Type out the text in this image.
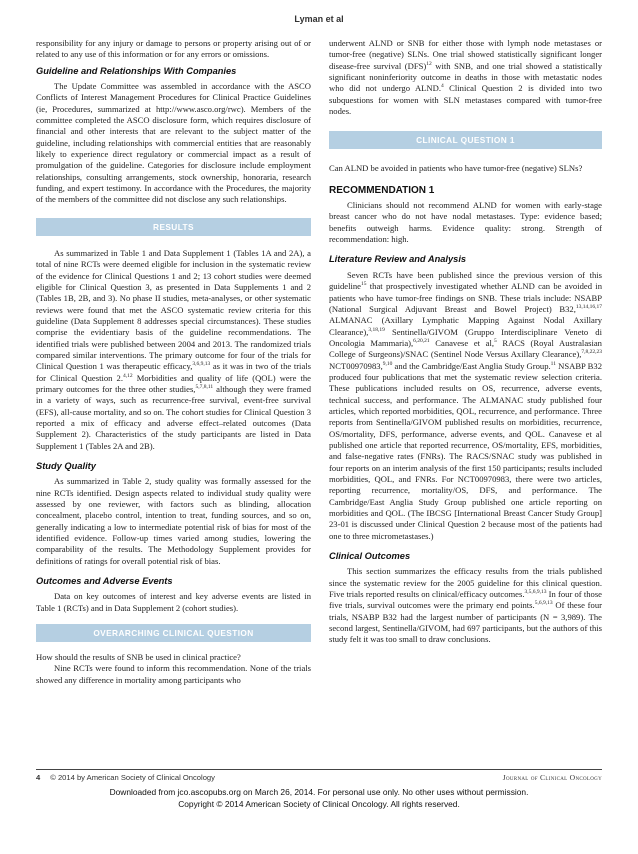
Lyman et al

responsibility for any injury or damage to persons or property arising out of or related to any use of this information or for any errors or omissions.

Guideline and Relationships With Companies

The Update Committee was assembled in accordance with the ASCO Conflicts of Interest Management Procedures for Clinical Practice Guidelines (ie, Procedures, summarized at http://www.asco.org/rwc). Members of the committee completed the ASCO disclosure form, which requires disclosure of financial and other interests that are relevant to the subject matter of the guideline, including relationships with commercial entities that are reasonably likely to experience direct regulatory or commercial impact as a result of promulgation of the guideline. Categories for disclosure include employment relationships, consulting arrangements, stock ownership, honoraria, research funding, and expert testimony. In accordance with the Procedures, the majority of the members of the committee did not disclose any such relationships.

RESULTS

As summarized in Table 1 and Data Supplement 1 (Tables 1A and 2A), a total of nine RCTs were deemed eligible for inclusion in the systematic review of the evidence for Clinical Questions 1 and 2; 13 cohort studies were deemed eligible for Clinical Question 3, as presented in Data Supplements 1 and 2 (Tables 1B, 2B, and 3). No phase II studies, meta-analyses, or other systematic reviews were found that met the ASCO systematic review criteria for this guideline (Data Supplement 8 addresses special circumstances). These studies comprise the evidentiary basis of the guideline recommendations. The identified trials were published between 2004 and 2013. The randomized trials compared similar interventions. The primary outcome for four of the trials for Clinical Question 1 was therapeutic efficacy,$^{3,6,9,13}$ as it was in two of the trials for Clinical Question 2.$^{4,12}$ Morbidities and quality of life (QOL) were the primary outcomes for the three other studies,$^{5,7,8,11}$ although they were framed in a variety of ways, such as recurrence-free survival, event-free survival (EFS), all-cause mortality, and so on. The cohort studies for Clinical Question 3 reported a mix of efficacy and adverse effect–related outcomes (Data Supplement 2). Characteristics of the study participants are listed in Data Supplement 1 (Tables 2A and 2B).

Study Quality

As summarized in Table 2, study quality was formally assessed for the nine RCTs identified. Design aspects related to individual study quality were assessed by one reviewer, with factors such as blinding, allocation concealment, placebo control, intention to treat, funding sources, and so on, generally indicating a low to intermediate potential risk of bias for most of the identified evidence. Follow-up times varied among studies, lowering the comparability of the results. The Methodology Supplement provides for definitions of ratings for overall potential risk of bias.

Outcomes and Adverse Events

Data on key outcomes of interest and key adverse events are listed in Table 1 (RCTs) and in Data Supplement 2 (cohort studies).

OVERARCHING CLINICAL QUESTION

How should the results of SNB be used in clinical practice?

Nine RCTs were found to inform this recommendation. None of the trials showed any difference in mortality among participants who

underwent ALND or SNB for either those with lymph node metastases or tumor-free (negative) SLNs. One trial showed statistically significant longer disease-free survival (DFS)$^{12}$ with SNB, and one trial showed a statistically significant noninferiority outcome in deaths in those with metastatic nodes who did not undergo ALND.$^4$ Clinical Question 2 is divided into two subquestions for women with SLN metastases compared with tumor-free nodes.

CLINICAL QUESTION 1

Can ALND be avoided in patients who have tumor-free (negative) SLNs?

RECOMMENDATION 1

Clinicians should not recommend ALND for women with early-stage breast cancer who do not have nodal metastases. Type: evidence based; benefits outweigh harms. Evidence quality: strong. Strength of recommendation: high.

Literature Review and Analysis

Seven RCTs have been published since the previous version of this guideline$^{15}$ that prospectively investigated whether ALND can be avoided in patients who have tumor-free findings on SNB. These trials include: NSABP (National Surgical Adjuvant Breast and Bowel Project) B32,$^{13,14,16,17}$ ALMANAC (Axillary Lymphatic Mapping Against Nodal Axillary Clearance),$^{3,18,19}$ Sentinella/GIVOM (Gruppo Interdisciplinare Veneto di Oncologia Mammaria),$^{6,20,21}$ Canavese et al,$^5$ RACS (Royal Australasian College of Surgeons)/SNAC (Sentinel Node Versus Axillary Clearance),$^{7,8,22,23}$ NCT00970983,$^{9,10}$ and the Cambridge/East Anglia Study Group.$^{11}$ NSABP B32 produced four publications that met the systematic review selection criteria. These publications included results on OS, recurrence, adverse events, technical success, and performance. The ALMANAC study published four articles, which reported morbidities, QOL, recurrence, and performance. Three reports from Sentinella/GIVOM published results on morbidities, recurrence, OS/mortality, DFS, performance, adverse events, and QOL. Canavese et al published one article that reported recurrence, OS/mortality, EFS, morbidities, and false-negative rates (FNRs). The RACS/SNAC study was published in four reports on an interim analysis of the first 150 participants; results included morbidities, QOL, and FNRs. For NCT00970983, there were two articles, reporting recurrence, mortality/OS, DFS, and performance. The Cambridge/East Anglia Study Group published one article reporting on morbidities and QOL. (The IBCSG [International Breast Cancer Study Group] 23-01 is discussed under Clinical Question 2 because most of the patients had one to three micrometastases.)

Clinical Outcomes

This section summarizes the efficacy results from the trials published since the systematic review for the 2005 guideline for this clinical question. Five trials reported results on clinical/efficacy outcomes.$^{3,5,6,9,13}$ In four of those five trials, survival outcomes were the primary end points.$^{5,6,9,13}$ Of these four trials, NSABP B32 had the largest number of participants (N = 3,989). The second largest, Sentinella/GIVOM, had 697 participants, but the authors of this study felt it was too small to draw conclusions.

4 © 2014 by American Society of Clinical Oncology	Journal of Clinical Oncology
Downloaded from jco.ascopubs.org on March 26, 2014. For personal use only. No other uses without permission.
Copyright © 2014 American Society of Clinical Oncology. All rights reserved.
